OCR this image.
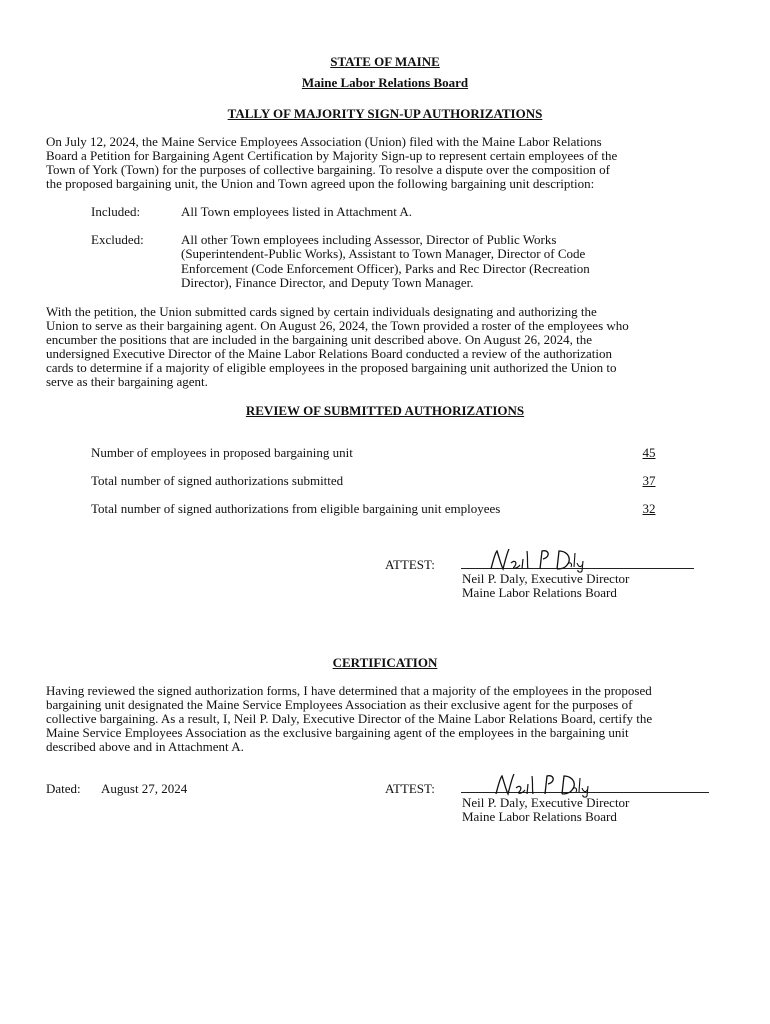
STATE OF MAINE
Maine Labor Relations Board
TALLY OF MAJORITY SIGN-UP AUTHORIZATIONS
On July 12, 2024, the Maine Service Employees Association (Union) filed with the Maine Labor Relations
Board a Petition for Bargaining Agent Certification by Majority Sign-up to represent certain employees of the
Town of York (Town) for the purposes of collective bargaining. To resolve a dispute over the composition of
the proposed bargaining unit, the Union and Town agreed upon the following bargaining unit description:
Included:	All Town employees listed in Attachment A.
Excluded:	All other Town employees including Assessor, Director of Public Works
(Superintendent-Public Works), Assistant to Town Manager, Director of Code
Enforcement (Code Enforcement Officer), Parks and Rec Director (Recreation
Director), Finance Director, and Deputy Town Manager.
With the petition, the Union submitted cards signed by certain individuals designating and authorizing the
Union to serve as their bargaining agent. On August 26, 2024, the Town provided a roster of the employees who
encumber the positions that are included in the bargaining unit described above. On August 26, 2024, the
undersigned Executive Director of the Maine Labor Relations Board conducted a review of the authorization
cards to determine if a majority of eligible employees in the proposed bargaining unit authorized the Union to
serve as their bargaining agent.
REVIEW OF SUBMITTED AUTHORIZATIONS
Number of employees in proposed bargaining unit	45
Total number of signed authorizations submitted	37
Total number of signed authorizations from eligible bargaining unit employees	32
ATTEST:
Neil P. Daly, Executive Director
Maine Labor Relations Board
CERTIFICATION
Having reviewed the signed authorization forms, I have determined that a majority of the employees in the proposed
bargaining unit designated the Maine Service Employees Association as their exclusive agent for the purposes of
collective bargaining. As a result, I, Neil P. Daly, Executive Director of the Maine Labor Relations Board, certify the
Maine Service Employees Association as the exclusive bargaining agent of the employees in the bargaining unit
described above and in Attachment A.
Dated: August 27, 2024	ATTEST:
Neil P. Daly, Executive Director
Maine Labor Relations Board
